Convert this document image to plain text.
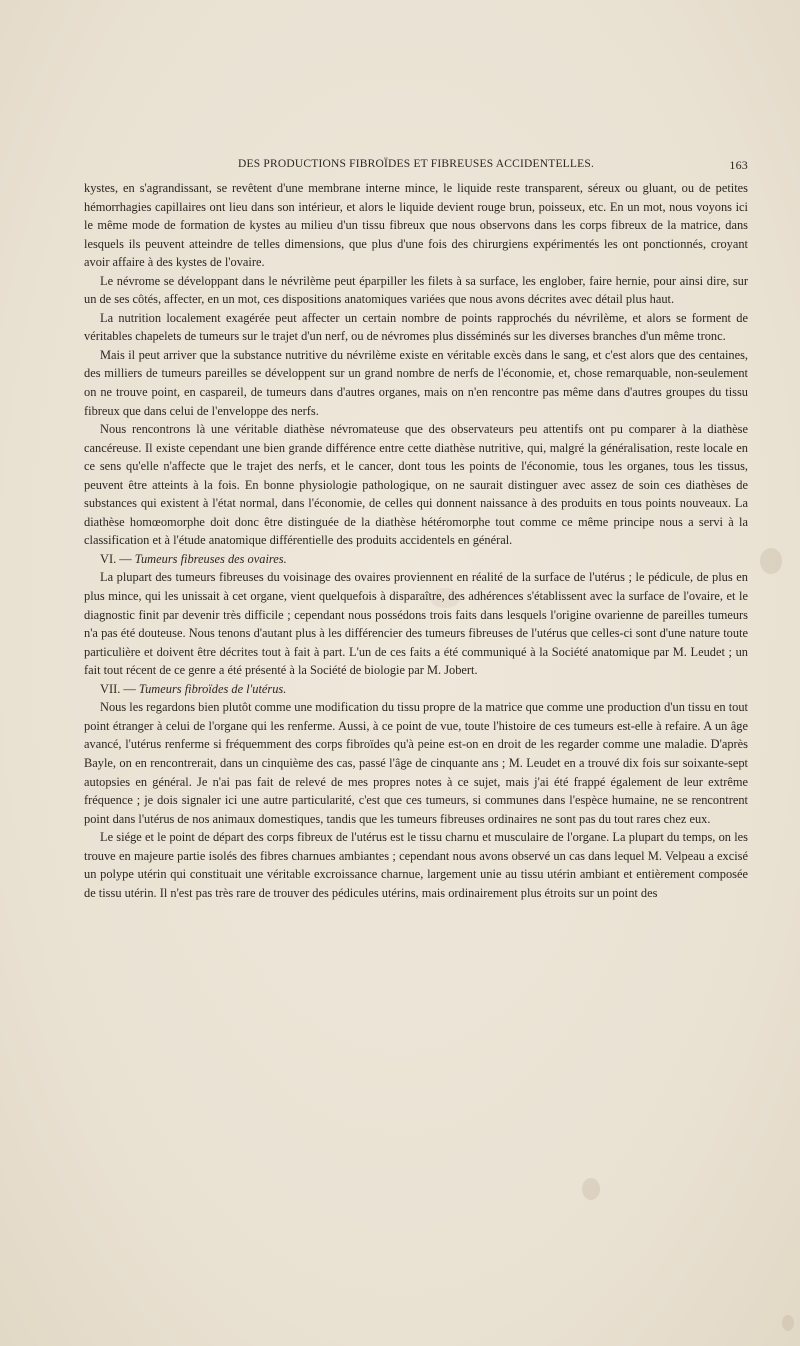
DES PRODUCTIONS FIBROÏDES ET FIBREUSES ACCIDENTELLES.	163

kystes, en s'agrandissant, se revêtent d'une membrane interne mince, le liquide reste transparent, séreux ou gluant, ou de petites hémorrhagies capillaires ont lieu dans son intérieur, et alors le liquide devient rouge brun, poisseux, etc. En un mot, nous voyons ici le même mode de formation de kystes au milieu d'un tissu fibreux que nous observons dans les corps fibreux de la matrice, dans lesquels ils peuvent atteindre de telles dimensions, que plus d'une fois des chirurgiens expérimentés les ont ponctionnés, croyant avoir affaire à des kystes de l'ovaire.

Le névrome se développant dans le névrilème peut éparpiller les filets à sa surface, les englober, faire hernie, pour ainsi dire, sur un de ses côtés, affecter, en un mot, ces dispositions anatomiques variées que nous avons décrites avec détail plus haut.

La nutrition localement exagérée peut affecter un certain nombre de points rapprochés du névrilème, et alors se forment de véritables chapelets de tumeurs sur le trajet d'un nerf, ou de névromes plus disséminés sur les diverses branches d'un même tronc.

Mais il peut arriver que la substance nutritive du névrilème existe en véritable excès dans le sang, et c'est alors que des centaines, des milliers de tumeurs pareilles se développent sur un grand nombre de nerfs de l'économie, et, chose remarquable, non-seulement on ne trouve point, en caspareil, de tumeurs dans d'autres organes, mais on n'en rencontre pas même dans d'autres groupes du tissu fibreux que dans celui de l'enveloppe des nerfs.

Nous rencontrons là une véritable diathèse névromateuse que des observateurs peu attentifs ont pu comparer à la diathèse cancéreuse. Il existe cependant une bien grande différence entre cette diathèse nutritive, qui, malgré la généralisation, reste locale en ce sens qu'elle n'affecte que le trajet des nerfs, et le cancer, dont tous les points de l'économie, tous les organes, tous les tissus, peuvent être atteints à la fois. En bonne physiologie pathologique, on ne saurait distinguer avec assez de soin ces diathèses de substances qui existent à l'état normal, dans l'économie, de celles qui donnent naissance à des produits en tous points nouveaux. La diathèse homœomorphe doit donc être distinguée de la diathèse hétéromorphe tout comme ce même principe nous a servi à la classification et à l'étude anatomique différentielle des produits accidentels en général.

VI. — Tumeurs fibreuses des ovaires.

La plupart des tumeurs fibreuses du voisinage des ovaires proviennent en réalité de la surface de l'utérus ; le pédicule, de plus en plus mince, qui les unissait à cet organe, vient quelquefois à disparaître, des adhérences s'établissent avec la surface de l'ovaire, et le diagnostic finit par devenir très difficile ; cependant nous possédons trois faits dans lesquels l'origine ovarienne de pareilles tumeurs n'a pas été douteuse. Nous tenons d'autant plus à les différencier des tumeurs fibreuses de l'utérus que celles-ci sont d'une nature toute particulière et doivent être décrites tout à fait à part. L'un de ces faits a été communiqué à la Société anatomique par M. Leudet ; un fait tout récent de ce genre a été présenté à la Société de biologie par M. Jobert.

VII. — Tumeurs fibroïdes de l'utérus.

Nous les regardons bien plutôt comme une modification du tissu propre de la matrice que comme une production d'un tissu en tout point étranger à celui de l'organe qui les renferme. Aussi, à ce point de vue, toute l'histoire de ces tumeurs est-elle à refaire. A un âge avancé, l'utérus renferme si fréquemment des corps fibroïdes qu'à peine est-on en droit de les regarder comme une maladie. D'après Bayle, on en rencontrerait, dans un cinquième des cas, passé l'âge de cinquante ans ; M. Leudet en a trouvé dix fois sur soixante-sept autopsies en général. Je n'ai pas fait de relevé de mes propres notes à ce sujet, mais j'ai été frappé également de leur extrême fréquence ; je dois signaler ici une autre particularité, c'est que ces tumeurs, si communes dans l'espèce humaine, ne se rencontrent point dans l'utérus de nos animaux domestiques, tandis que les tumeurs fibreuses ordinaires ne sont pas du tout rares chez eux.

Le siége et le point de départ des corps fibreux de l'utérus est le tissu charnu et musculaire de l'organe. La plupart du temps, on les trouve en majeure partie isolés des fibres charnues ambiantes ; cependant nous avons observé un cas dans lequel M. Velpeau a excisé un polype utérin qui constituait une véritable excroissance charnue, largement unie au tissu utérin ambiant et entièrement composée de tissu utérin. Il n'est pas très rare de trouver des pédicules utérins, mais ordinairement plus étroits sur un point des
